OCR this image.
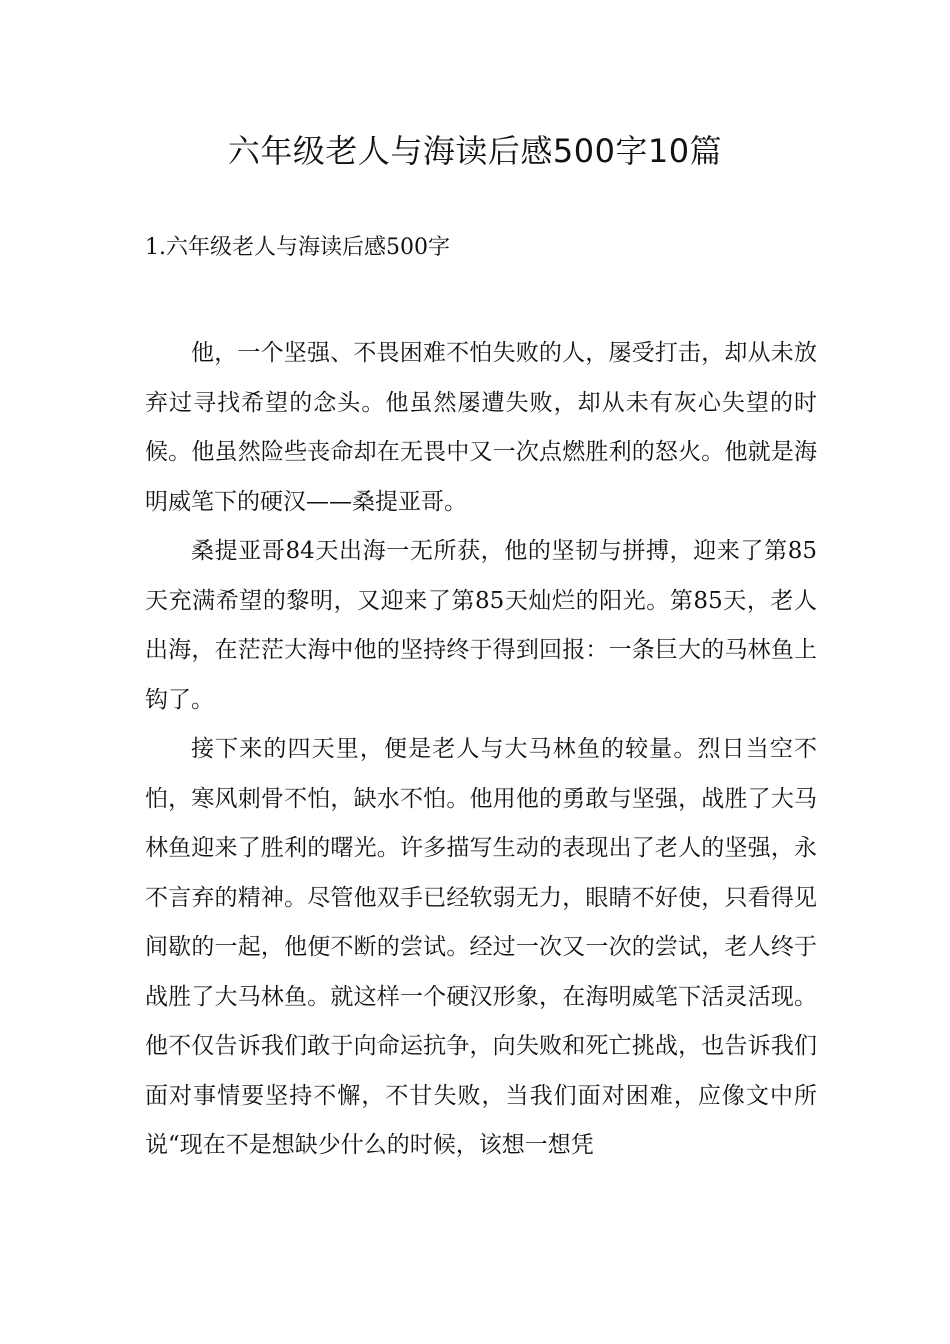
六年级老人与海读后感500字10篇
1.六年级老人与海读后感500字

他，一个坚强、不畏困难不怕失败的人，屡受打击，却从未放弃过寻找希望的念头。他虽然屡遭失败，却从未有灰心失望的时候。他虽然险些丧命却在无畏中又一次点燃胜利的怒火。他就是海明威笔下的硬汉——桑提亚哥。

桑提亚哥84天出海一无所获，他的坚韧与拼搏，迎来了第85天充满希望的黎明，又迎来了第85天灿烂的阳光。第85天，老人出海，在茫茫大海中他的坚持终于得到回报：一条巨大的马林鱼上钩了。

接下来的四天里，便是老人与大马林鱼的较量。烈日当空不怕，寒风刺骨不怕，缺水不怕。他用他的勇敢与坚强，战胜了大马林鱼迎来了胜利的曙光。许多描写生动的表现出了老人的坚强，永不言弃的精神。尽管他双手已经软弱无力，眼睛不好使，只看得见间歇的一起，他便不断的尝试。经过一次又一次的尝试，老人终于战胜了大马林鱼。就这样一个硬汉形象，在海明威笔下活灵活现。他不仅告诉我们敢于向命运抗争，向失败和死亡挑战，也告诉我们面对事情要坚持不懈，不甘失败，当我们面对困难，应像文中所说“现在不是想缺少什么的时候，该想一想凭
